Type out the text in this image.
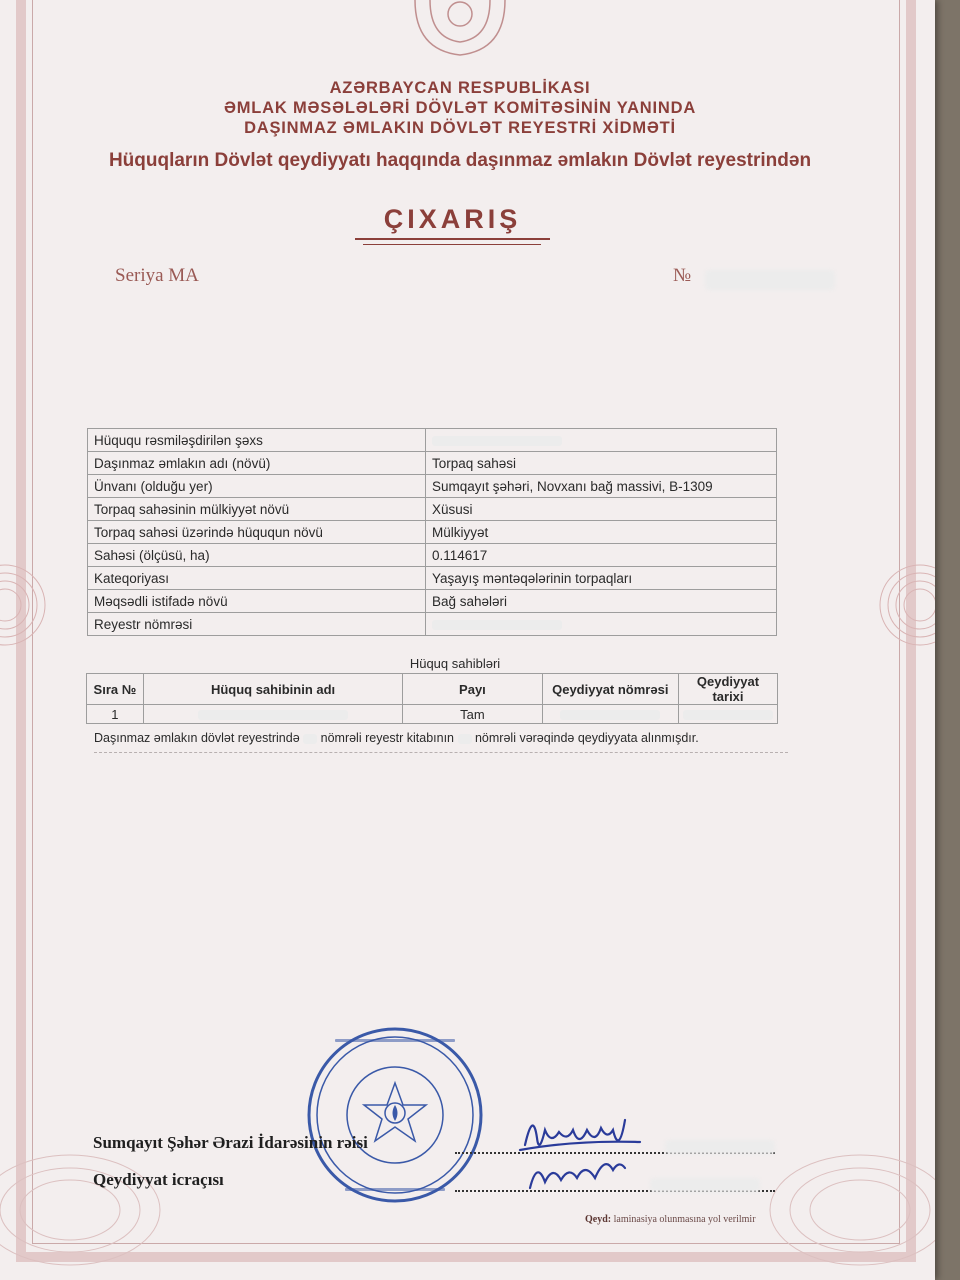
AZƏRBAYCAN RESPUBLİKASI
ƏMLAK MƏSƏLƏLƏRİ DÖVLƏT KOMİTƏSİNİN YANINDA
DAŞINMAZ ƏMLAKIN DÖVLƏT REYESTRİ XİDMƏTİ
Hüquqların Dövlət qeydiyyatı haqqında daşınmaz əmlakın Dövlət reyestrindən
ÇIXARIŞ
Seriya MA	№
Hüququ rəsmiləşdirilən şəxs	
Daşınmaz əmlakın adı (növü)	Torpaq sahəsi
Ünvanı (olduğu yer)	Sumqayıt şəhəri, Novxanı bağ massivi, B-1309
Torpaq sahəsinin mülkiyyət növü	Xüsusi
Torpaq sahəsi üzərində hüququn növü	Mülkiyyət
Sahəsi (ölçüsü, ha)	0.114617
Kateqoriyası	Yaşayış məntəqələrinin torpaqları
Məqsədli istifadə növü	Bağ sahələri
Reyestr nömrəsi	
Hüquq sahibləri
Sıra №	Hüquq sahibinin adı	Payı	Qeydiyyat nömrəsi	Qeydiyyat tarixi
1		Tam		
Daşınmaz əmlakın dövlət reyestrində nömrəli reyestr kitabının nömrəli vərəqində qeydiyyata alınmışdır.
Sumqayıt Şəhər Ərazi İdarəsinin rəisi
Qeydiyyat icraçısı
Qeyd: laminasiya olunmasına yol verilmir
